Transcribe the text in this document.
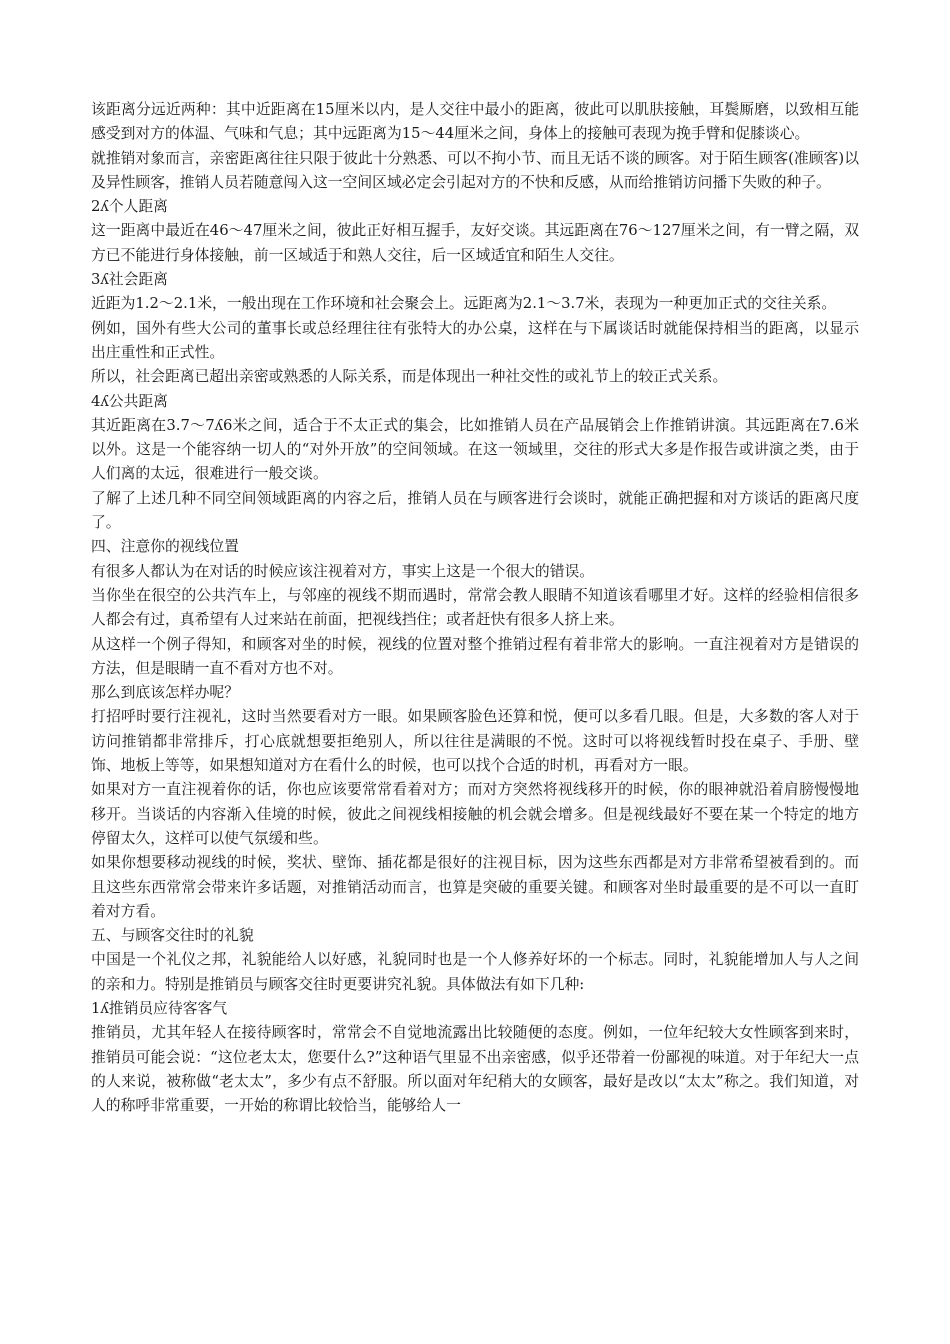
该距离分远近两种：其中近距离在15厘米以内，是人交往中最小的距离，彼此可以肌肤接触，耳鬓厮磨，以致相互能感受到对方的体温、气味和气息；其中远距离为15～44厘米之间，身体上的接触可表现为挽手臂和促膝谈心。

就推销对象而言，亲密距离往往只限于彼此十分熟悉、可以不拘小节、而且无话不谈的顾客。对于陌生顾客(准顾客)以及异性顾客，推销人员若随意闯入这一空间区域必定会引起对方的不快和反感，从而给推销访问播下失败的种子。

2ʎ个人距离

这一距离中最近在46～47厘米之间，彼此正好相互握手，友好交谈。其远距离在76～127厘米之间，有一臂之隔，双方已不能进行身体接触，前一区域适于和熟人交往，后一区域适宜和陌生人交往。

3ʎ社会距离

近距为1.2～2.1米，一般出现在工作环境和社会聚会上。远距离为2.1～3.7米，表现为一种更加正式的交往关系。

例如，国外有些大公司的董事长或总经理往往有张特大的办公桌，这样在与下属谈话时就能保持相当的距离，以显示出庄重性和正式性。

所以，社会距离已超出亲密或熟悉的人际关系，而是体现出一种社交性的或礼节上的较正式关系。

4ʎ公共距离

其近距离在3.7～7ʎ6米之间，适合于不太正式的集会，比如推销人员在产品展销会上作推销讲演。其远距离在7.6米以外。这是一个能容纳一切人的“对外开放”的空间领域。在这一领域里，交往的形式大多是作报告或讲演之类，由于人们离的太远，很难进行一般交谈。

了解了上述几种不同空间领域距离的内容之后，推销人员在与顾客进行会谈时，就能正确把握和对方谈话的距离尺度了。

四、注意你的视线位置

有很多人都认为在对话的时候应该注视着对方，事实上这是一个很大的错误。

当你坐在很空的公共汽车上，与邻座的视线不期而遇时，常常会教人眼睛不知道该看哪里才好。这样的经验相信很多人都会有过，真希望有人过来站在前面，把视线挡住；或者赶快有很多人挤上来。

从这样一个例子得知，和顾客对坐的时候，视线的位置对整个推销过程有着非常大的影响。一直注视着对方是错误的方法，但是眼睛一直不看对方也不对。

那么到底该怎样办呢？

打招呼时要行注视礼，这时当然要看对方一眼。如果顾客脸色还算和悦，便可以多看几眼。但是，大多数的客人对于访问推销都非常排斥，打心底就想要拒绝别人，所以往往是满眼的不悦。这时可以将视线暂时投在桌子、手册、壁饰、地板上等等，如果想知道对方在看什么的时候，也可以找个合适的时机，再看对方一眼。

如果对方一直注视着你的话，你也应该要常常看着对方；而对方突然将视线移开的时候，你的眼神就沿着肩膀慢慢地移开。当谈话的内容渐入佳境的时候，彼此之间视线相接触的机会就会增多。但是视线最好不要在某一个特定的地方停留太久，这样可以使气氛缓和些。

如果你想要移动视线的时候，奖状、壁饰、插花都是很好的注视目标，因为这些东西都是对方非常希望被看到的。而且这些东西常常会带来许多话题，对推销活动而言，也算是突破的重要关键。和顾客对坐时最重要的是不可以一直盯着对方看。

五、与顾客交往时的礼貌

中国是一个礼仪之邦，礼貌能给人以好感，礼貌同时也是一个人修养好坏的一个标志。同时，礼貌能增加人与人之间的亲和力。特别是推销员与顾客交往时更要讲究礼貌。具体做法有如下几种:

1ʎ推销员应待客客气

推销员，尤其年轻人在接待顾客时，常常会不自觉地流露出比较随便的态度。例如，一位年纪较大女性顾客到来时，推销员可能会说：“这位老太太，您要什么?”这种语气里显不出亲密感，似乎还带着一份鄙视的味道。对于年纪大一点的人来说，被称做“老太太”，多少有点不舒服。所以面对年纪稍大的女顾客，最好是改以“太太”称之。我们知道，对人的称呼非常重要，一开始的称谓比较恰当，能够给人一
